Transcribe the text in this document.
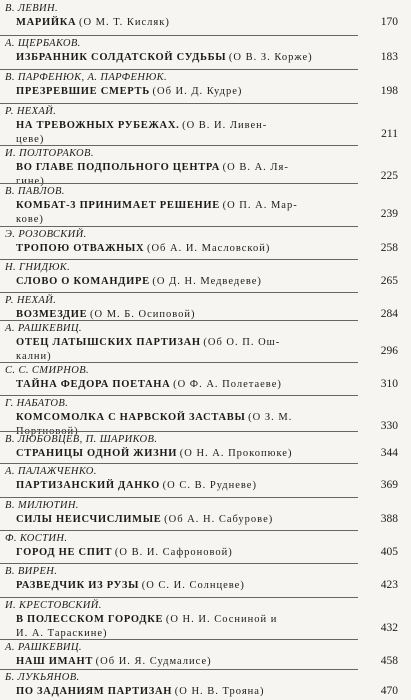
В. ЛЕВИН.
МАРИЙКА (О М. Т. Кисляк)	170
А. ЩЕРБАКОВ.
ИЗБРАННИК СОЛДАТСКОЙ СУДЬБЫ (О В. З. Корже)	183
В. ПАРФЕНЮК, А. ПАРФЕНЮК.
ПРЕЗРЕВШИЕ СМЕРТЬ (Об И. Д. Кудре)	198
Р. НЕХАЙ.
НА ТРЕВОЖНЫХ РУБЕЖАХ. (О В. И. Ливен-
цеве)	211
И. ПОЛТОРАКОВ.
ВО ГЛАВЕ ПОДПОЛЬНОГО ЦЕНТРА (О В. А. Ля-
гине)	225
В. ПАВЛОВ.
КОМБАТ-3 ПРИНИМАЕТ РЕШЕНИЕ (О П. А. Мар-
кове)	239
Э. РОЗОВСКИЙ.
ТРОПОЮ ОТВАЖНЫХ (Об А. И. Масловской)	258
Н. ГНИДЮК.
СЛОВО О КОМАНДИРЕ (О Д. Н. Медведеве)	265
Р. НЕХАЙ.
ВОЗМЕЗДИЕ (О М. Б. Осиповой)	284
А. РАШКЕВИЦ.
ОТЕЦ ЛАТЫШСКИХ ПАРТИЗАН (Об О. П. Ош-
кални)	296
С. С. СМИРНОВ.
ТАЙНА ФЕДОРА ПОЕТАНА (О Ф. А. Полетаеве)	310
Г. НАБАТОВ.
КОМСОМОЛКА С НАРВСКОЙ ЗАСТАВЫ (О З. М.
Портновой)	330
В. ЛЮБОВЦЕВ, П. ШАРИКОВ.
СТРАНИЦЫ ОДНОЙ ЖИЗНИ (О Н. А. Прокопюке)	344
А. ПАЛАЖЧЕНКО.
ПАРТИЗАНСКИЙ ДАНКО (О С. В. Рудневе)	369
В. МИЛЮТИН.
СИЛЫ НЕИСЧИСЛИМЫЕ (Об А. Н. Сабурове)	388
Ф. КОСТИН.
ГОРОД НЕ СПИТ (О В. И. Сафроновой)	405
В. ВИРЕН.
РАЗВЕДЧИК ИЗ РУЗЫ (О С. И. Солнцеве)	423
И. КРЕСТОВСКИЙ.
В ПОЛЕССКОМ ГОРОДКЕ (О Н. И. Сосниной и
И. А. Тараскине)	432
А. РАШКЕВИЦ.
НАШ ИМАНТ (Об И. Я. Судмалисе)	458
Б. ЛУКЬЯНОВ.
ПО ЗАДАНИЯМ ПАРТИЗАН (О Н. В. Трояна)	470
